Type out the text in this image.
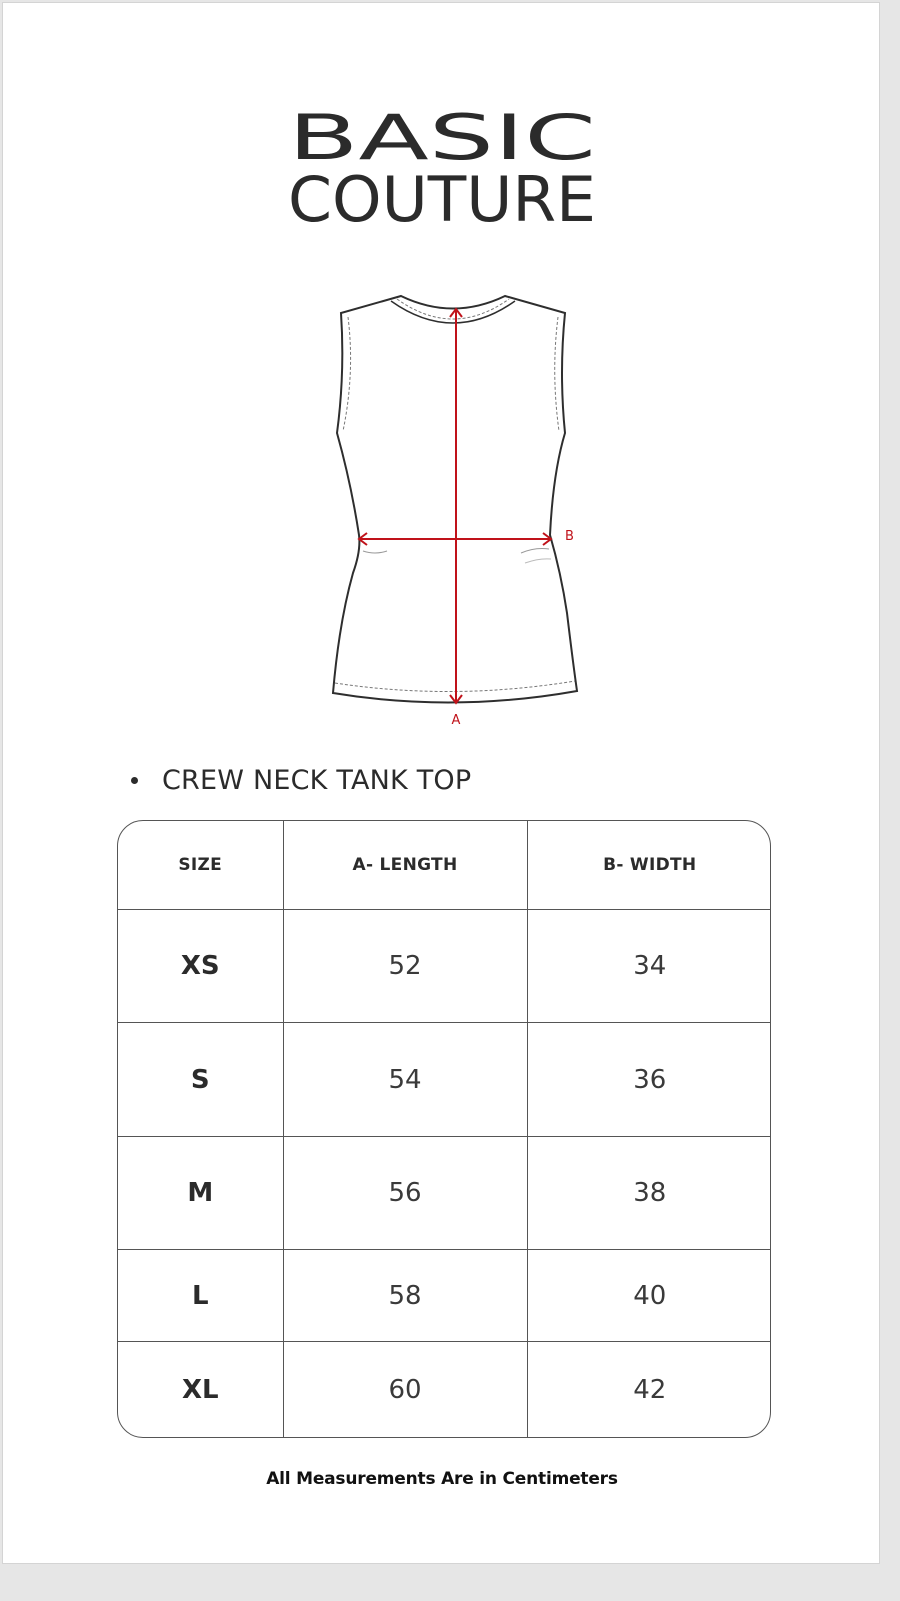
BASIC
COUTURE
A
B
CREW NECK TANK TOP
SIZE	A- LENGTH	B- WIDTH
XS	52	34
S	54	36
M	56	38
L	58	40
XL	60	42
All Measurements Are in Centimeters
